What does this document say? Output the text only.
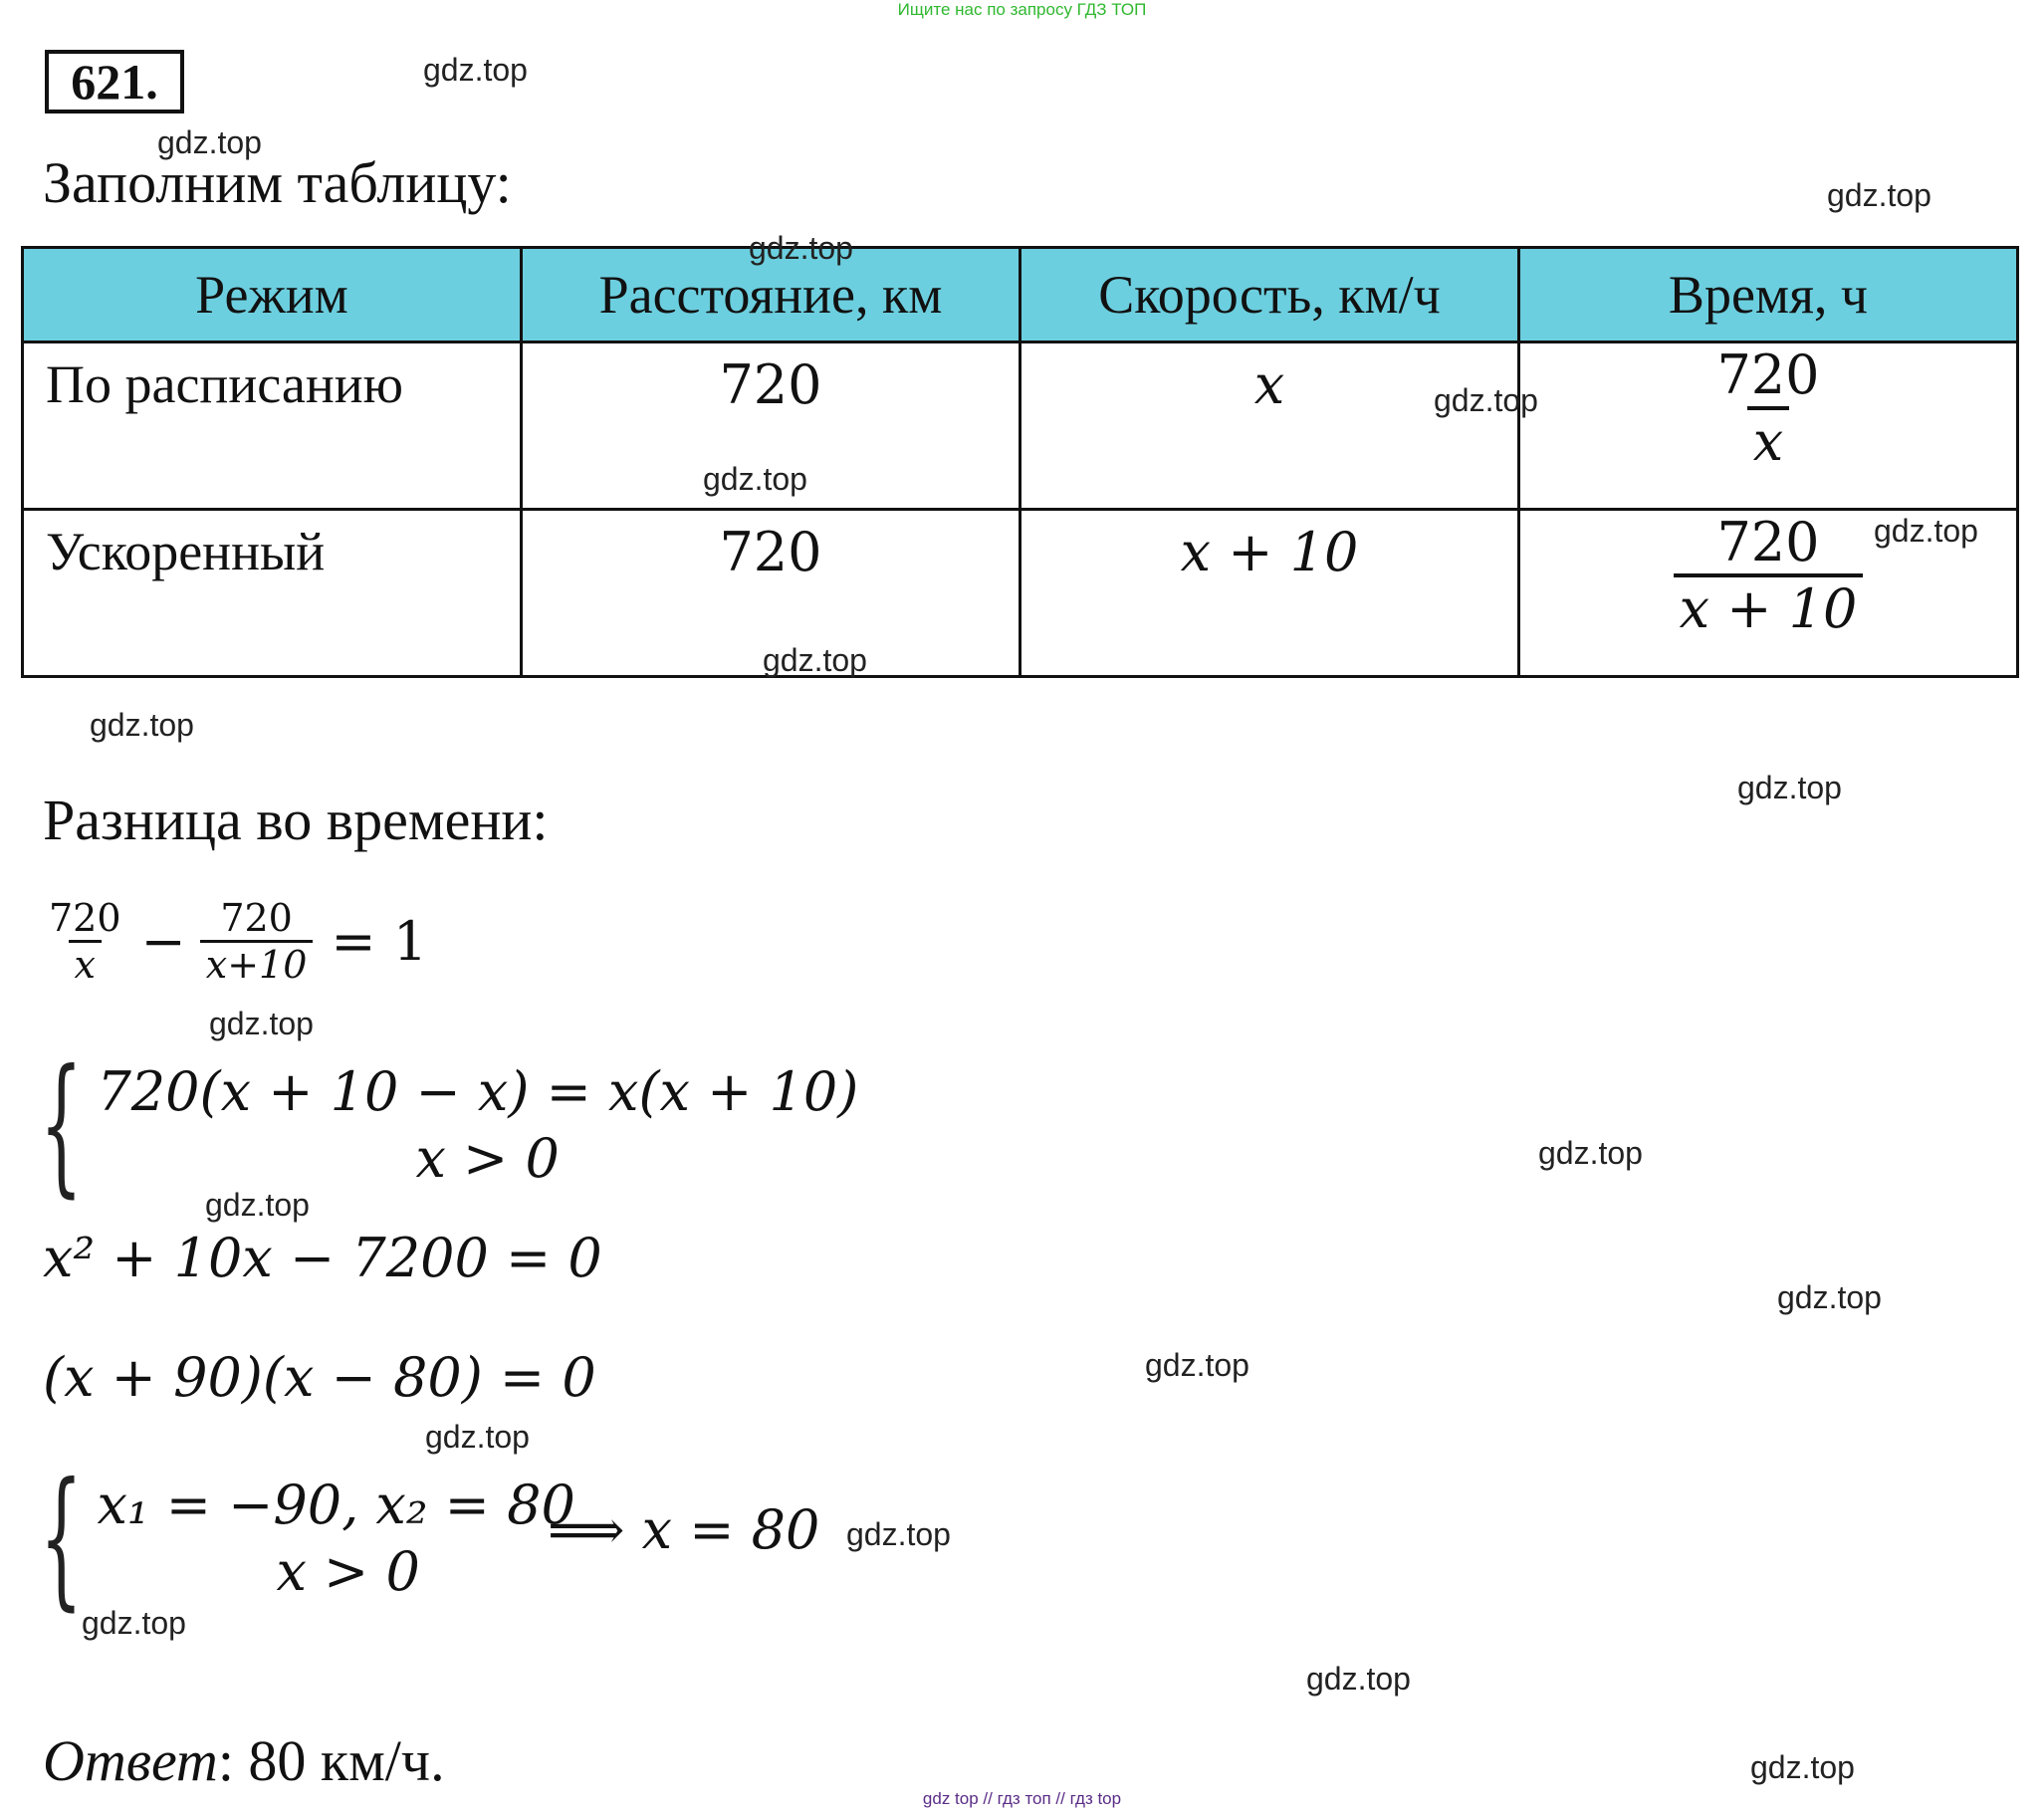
Ищите нас по запросу ГДЗ ТОП
621.
Заполним таблицу:
Режим	Расстояние, км	Скорость, км/ч	Время, ч
По расписанию	720	x	$\frac{720}{x}$

Ускоренный	720	x + 10	$\frac{720}{x + 10}$
Разница во времени:
$\frac{720}{x} - \frac{720}{x+10} = 1$
{ 720(x + 10 − x) = x(x + 10)
x > 0
x² + 10x − 7200 = 0
(x + 90)(x − 80) = 0
{ x₁ = −90, x₂ = 80
x > 0
⟹ x = 80
Ответ: 80 км/ч.
gdz.top
gdz.top
gdz.top
gdz.top
gdz.top
gdz.top
gdz.top
gdz.top
gdz.top
gdz.top
gdz.top
gdz.top
gdz.top
gdz.top
gdz.top
gdz.top
gdz.top
gdz.top
gdz.top
gdz.top
gdz top // гдз топ // гдз top
